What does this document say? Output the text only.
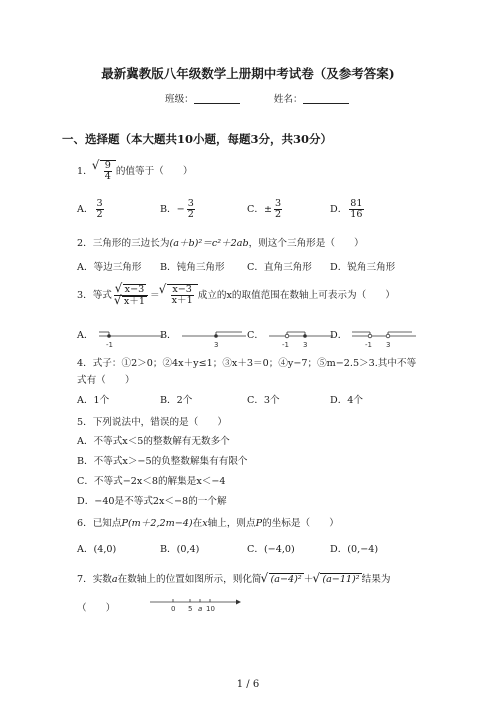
最新冀教版八年级数学上册期中考试卷（及参考答案)
班级：	姓名：
一、选择题（本大题共10小题，每题3分，共30分）
1． √ $\frac{9}{4}$ 的值等于（　　）
A． $\frac{3}{2}$	B．− $\frac{3}{2}$	C．± $\frac{3}{2}$	D． $\frac{81}{16}$
2．三角形的三边长为(a＋b)²＝c²＋2ab，则这个三角形是（　　）
A．等边三角形 B．钝角三角形 C．直角三角形 D．锐角三角形
3．等式 √ x−3
√ x＋1 ＝ √ $\frac{x-3}{x+1}$ 成立的x的取值范围在数轴上可表示为（　　）
A．
-1
B．
3
C．
-1 3
D．
-1 3
4．式子：①2＞0；②4x＋y≤1；③x＋3＝0；④y−7；⑤m−2.5＞3.其中不等
式有（　　）
A．1个	B．2个	C．3个	D．4个
5．下列说法中，错误的是（　　）
A．不等式x＜5的整数解有无数多个
B．不等式x＞−5的负整数解集有有限个
C．不等式−2x＜8的解集是x＜−4
D．−40是不等式2x＜−8的一个解
6．已知点P(m＋2,2m−4)在x轴上，则点P的坐标是（　　）
A．(4,0)	B．(0,4)	C．(−4,0)	D．(0,−4)
7．实数a在数轴上的位置如图所示，则化简 √ (a−4)² ＋ √ (a−11)² 结果为
（　　）	0 5 a 10
1 / 6
